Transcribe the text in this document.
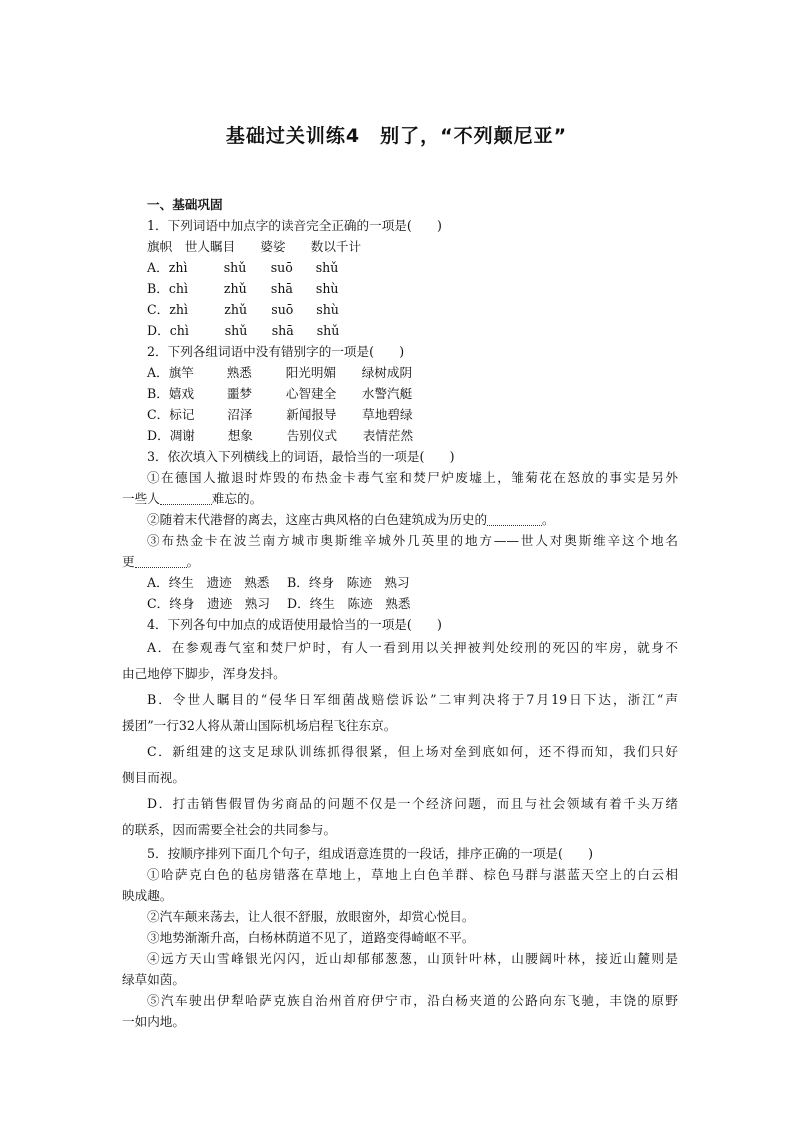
基础过关训练4　别了，“不列颠尼亚”
一、基础巩固
1．下列词语中加点字的读音完全正确的一项是(　　)
旗帜　 世人瞩目　　 婆娑　　 数以千计
A．zhì	shǔ suō shǔ
B．chì	zhǔ shā shù
C．zhì	zhǔ suō shù
D．chì	shǔ shā shǔ
2．下列各组词语中没有错别字的一项是(　　)
A．旗竿	熟悉	阳光明媚 绿树成阴
B．嬉戏	噩梦	心智建全 水警汽艇
C．标记	沼泽	新闻报导 草地碧绿
D．凋谢	想象	告别仪式 表情茫然
3．依次填入下列横线上的词语，最恰当的一项是(　　)
①在德国人撤退时炸毁的布热金卡毒气室和焚尸炉废墟上，雏菊花在怒放的事实是另外
一些人	难忘的。
②随着末代港督的离去，这座古典风格的白色建筑成为历史的	。
③布热金卡在波兰南方城市奥斯维辛城外几英里的地方——世人对奥斯维辛这个地名
更	。
A．终生　遗迹　熟悉 B．终身　陈迹　熟习
C．终身　遗迹　熟习 D．终生　陈迹　熟悉
4．下列各句中加点的成语使用最恰当的一项是(　　)
A．在参观毒气室和焚尸炉时，有人一看到用以关押被判处绞刑的死囚的牢房，就身不
由己地停下脚步，浑身发抖。
B．令世人瞩目的“侵华日军细菌战赔偿诉讼”二审判决将于7月19日下达，浙江“声
援团”一行32人将从萧山国际机场启程飞往东京。
C．新组建的这支足球队训练抓得很紧，但上场对垒到底如何，还不得而知，我们只好
侧目而视。
D．打击销售假冒伪劣商品的问题不仅是一个经济问题，而且与社会领域有着千头万绪
的联系，因而需要全社会的共同参与。
5．按顺序排列下面几个句子，组成语意连贯的一段话，排序正确的一项是(　　)
①哈萨克白色的毡房错落在草地上，草地上白色羊群、棕色马群与湛蓝天空上的白云相
映成趣。
②汽车颠来荡去，让人很不舒服，放眼窗外，却赏心悦目。
③地势渐渐升高，白杨林荫道不见了，道路变得崎岖不平。
④远方天山雪峰银光闪闪，近山却郁郁葱葱，山顶针叶林，山腰阔叶林，接近山麓则是
绿草如茵。
⑤汽车驶出伊犁哈萨克族自治州首府伊宁市，沿白杨夹道的公路向东飞驰，丰饶的原野
一如内地。
